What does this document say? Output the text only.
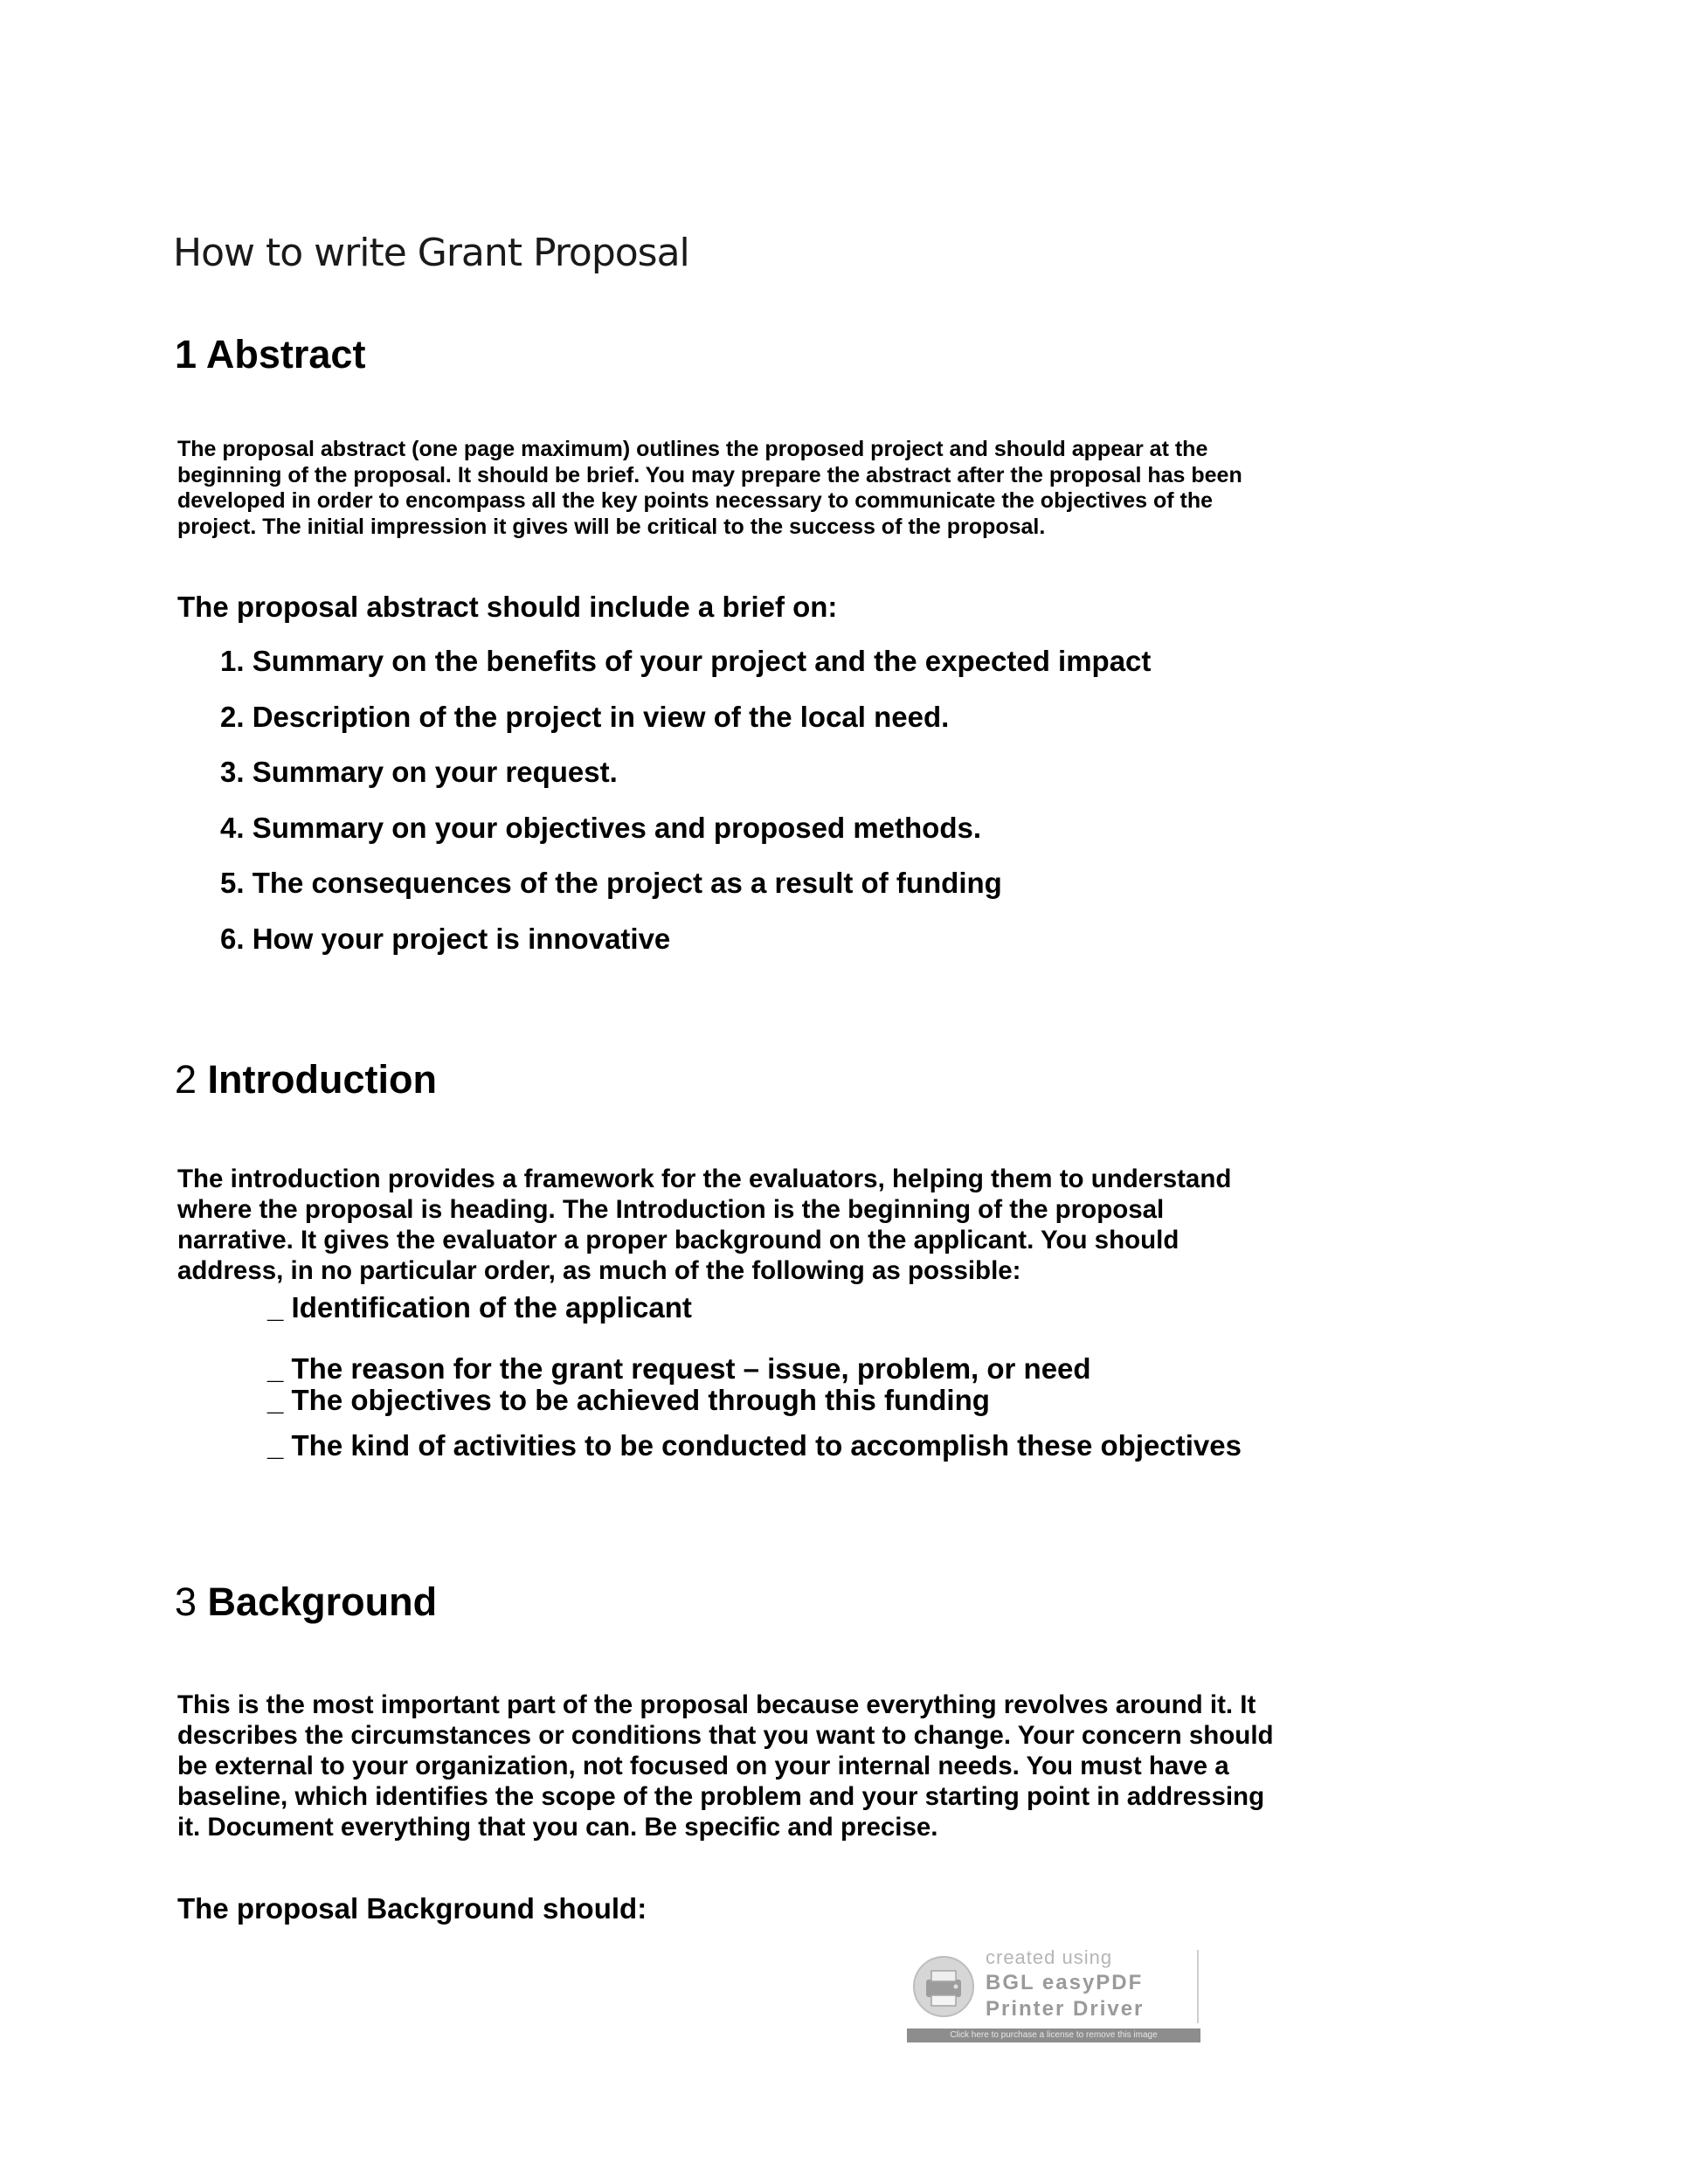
How to write Grant Proposal
1 Abstract

The proposal abstract (one page maximum) outlines the proposed project and should appear at the beginning of the proposal. It should be brief. You may prepare the abstract after the proposal has been developed in order to encompass all the key points necessary to communicate the objectives of the project. The initial impression it gives will be critical to the success of the proposal.

The proposal abstract should include a brief on:

1. Summary on the benefits of your project and the expected impact
2. Description of the project in view of the local need.
3. Summary on your request.
4. Summary on your objectives and proposed methods.
5. The consequences of the project as a result of funding
6. How your project is innovative
2 Introduction

The introduction provides a framework for the evaluators, helping them to understand where the proposal is heading. The Introduction is the beginning of the proposal narrative. It gives the evaluator a proper background on the applicant. You should address, in no particular order, as much of the following as possible:

_ Identification of the applicant

_ The reason for the grant request – issue, problem, or need

_ The objectives to be achieved through this funding

_ The kind of activities to be conducted to accomplish these objectives

3 Background

This is the most important part of the proposal because everything revolves around it. It describes the circumstances or conditions that you want to change. Your concern should be external to your organization, not focused on your internal needs. You must have a baseline, which identifies the scope of the problem and your starting point in addressing it. Document everything that you can. Be specific and precise.

The proposal Background should:

created using
BGL easyPDF
Printer Driver
Click here to purchase a license to remove this image
